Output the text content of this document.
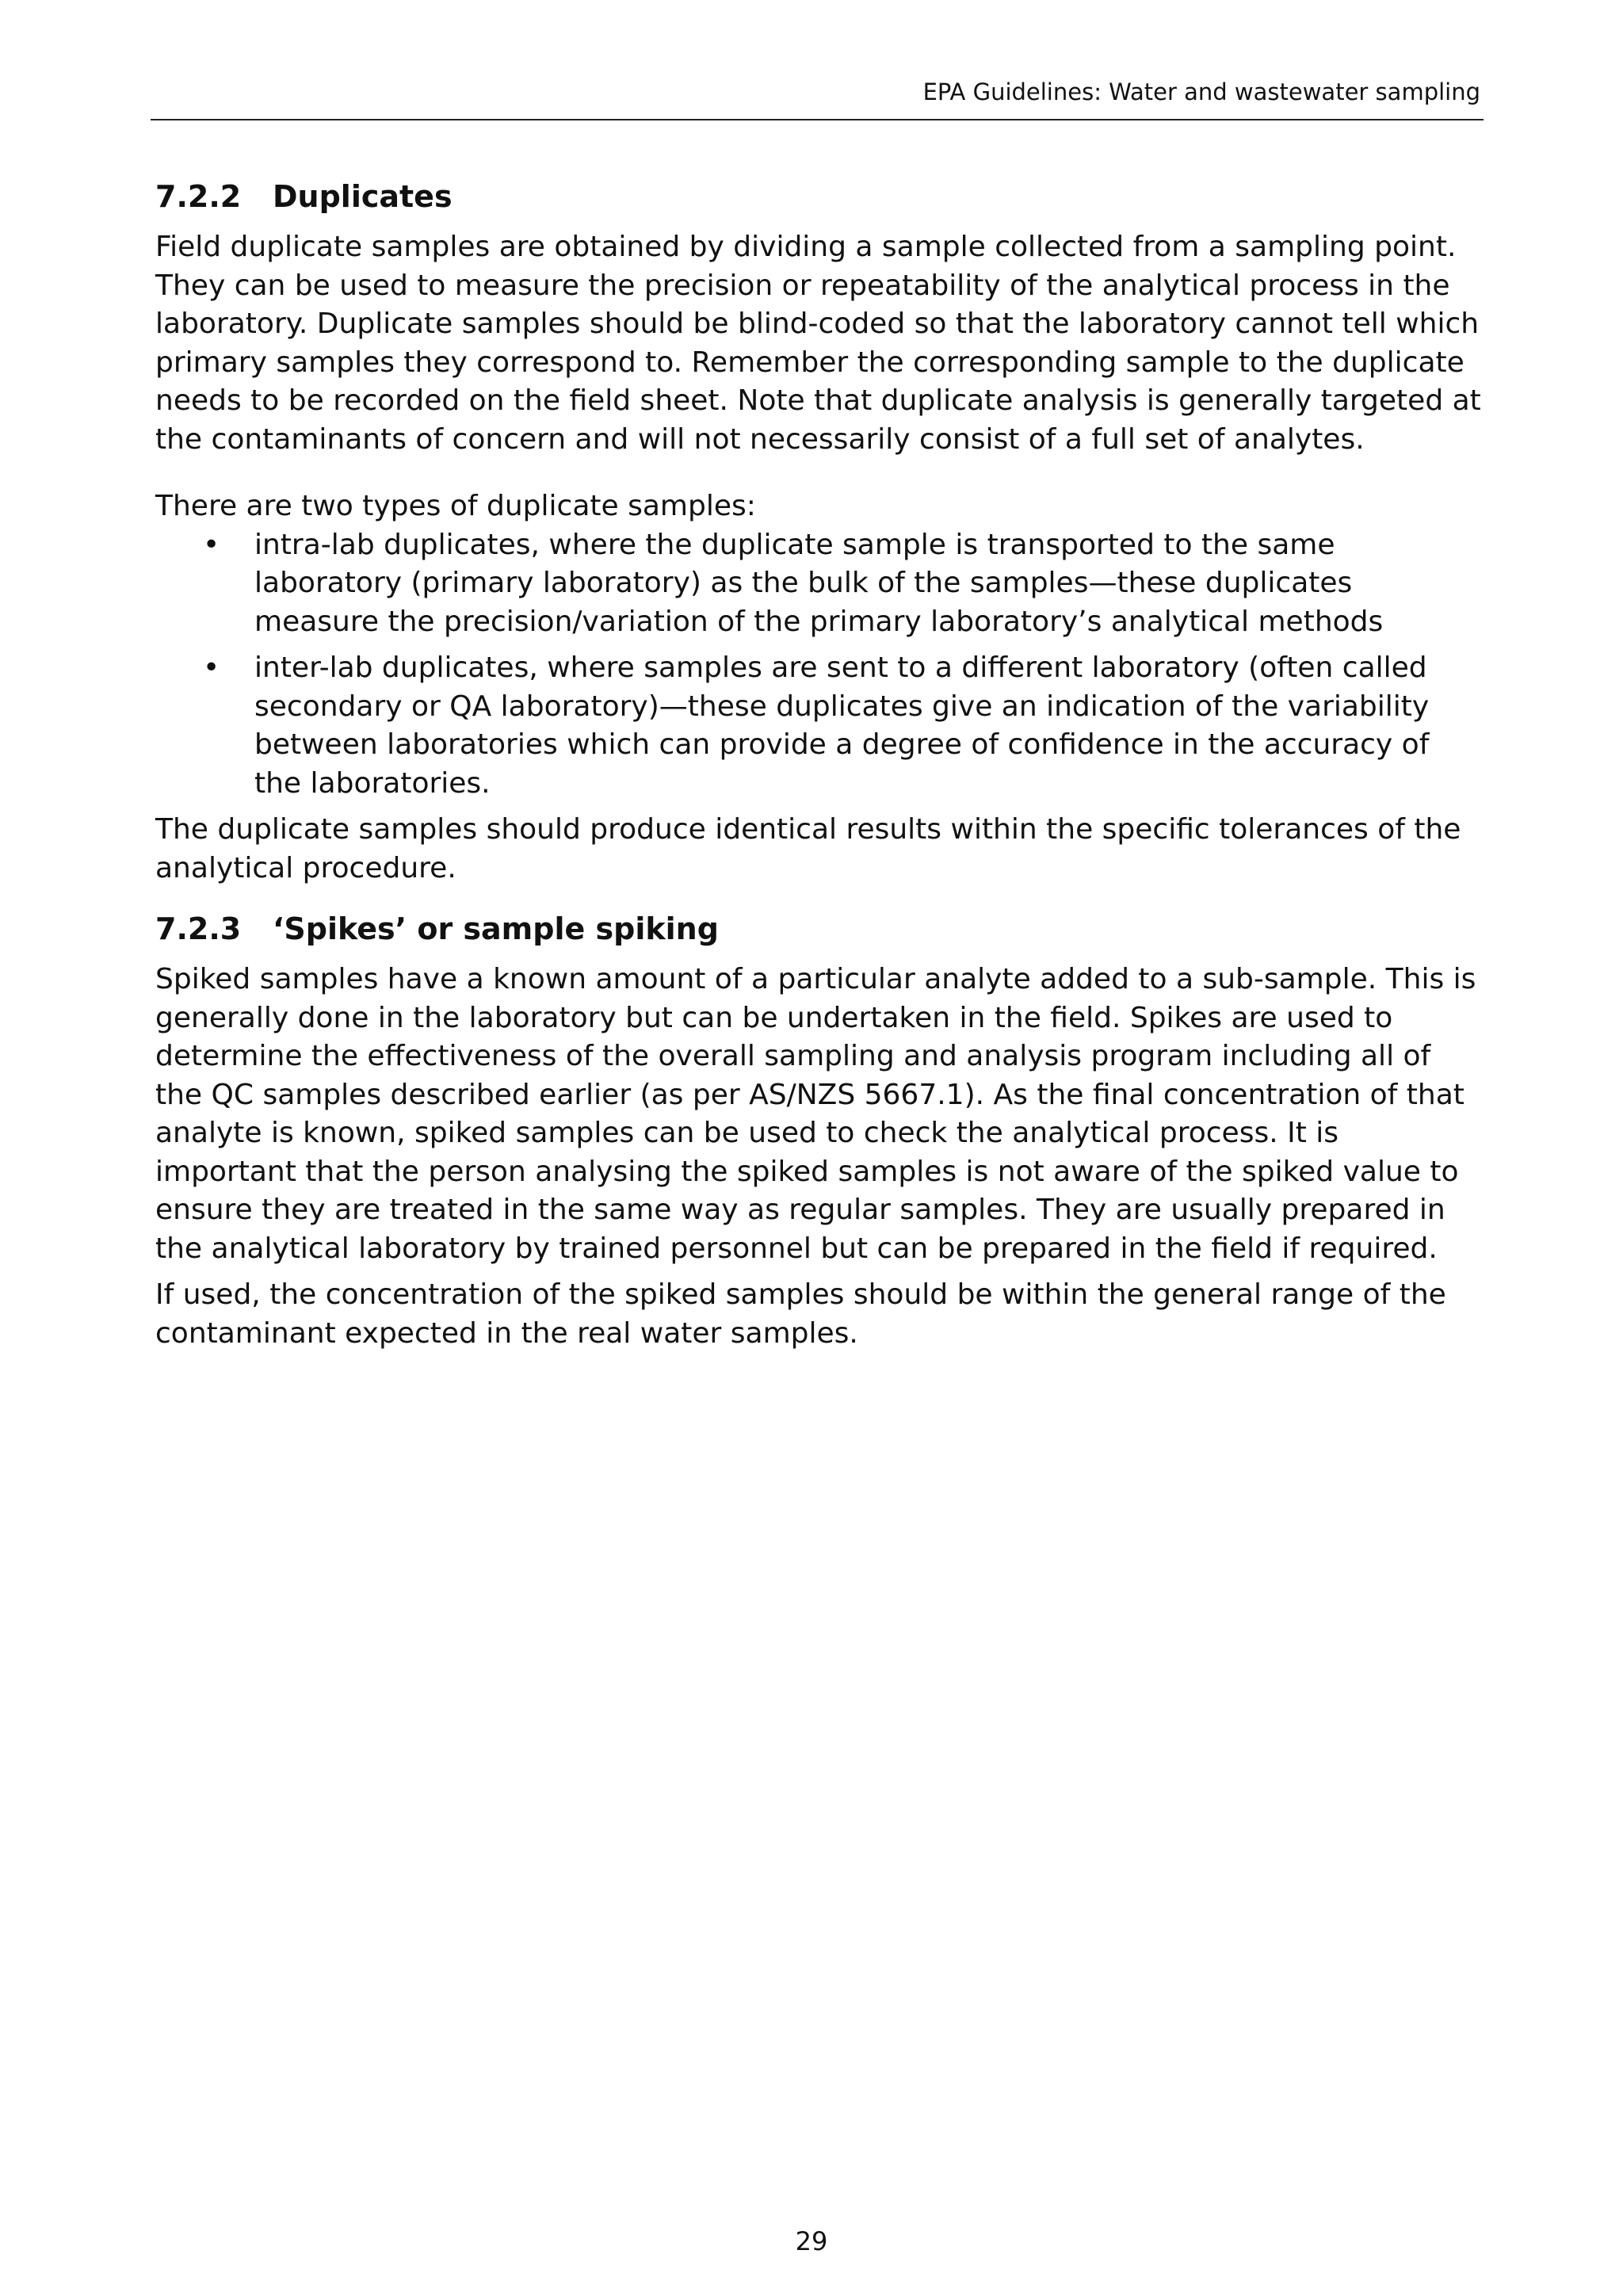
EPA Guidelines: Water and wastewater sampling
7.2.2 Duplicates

Field duplicate samples are obtained by dividing a sample collected from a sampling point. They can be used to measure the precision or repeatability of the analytical process in the laboratory. Duplicate samples should be blind-coded so that the laboratory cannot tell which primary samples they correspond to. Remember the corresponding sample to the duplicate needs to be recorded on the field sheet. Note that duplicate analysis is generally targeted at the contaminants of concern and will not necessarily consist of a full set of analytes.

There are two types of duplicate samples:

• intra-lab duplicates, where the duplicate sample is transported to the same laboratory (primary laboratory) as the bulk of the samples—these duplicates measure the precision/variation of the primary laboratory’s analytical methods
• inter-lab duplicates, where samples are sent to a different laboratory (often called secondary or QA laboratory)—these duplicates give an indication of the variability between laboratories which can provide a degree of confidence in the accuracy of the laboratories.

The duplicate samples should produce identical results within the specific tolerances of the analytical procedure.

7.2.3 ‘Spikes’ or sample spiking

Spiked samples have a known amount of a particular analyte added to a sub-sample. This is generally done in the laboratory but can be undertaken in the field. Spikes are used to determine the effectiveness of the overall sampling and analysis program including all of the QC samples described earlier (as per AS/NZS 5667.1). As the final concentration of that analyte is known, spiked samples can be used to check the analytical process. It is important that the person analysing the spiked samples is not aware of the spiked value to ensure they are treated in the same way as regular samples. They are usually prepared in the analytical laboratory by trained personnel but can be prepared in the field if required.

If used, the concentration of the spiked samples should be within the general range of the contaminant expected in the real water samples.

29
